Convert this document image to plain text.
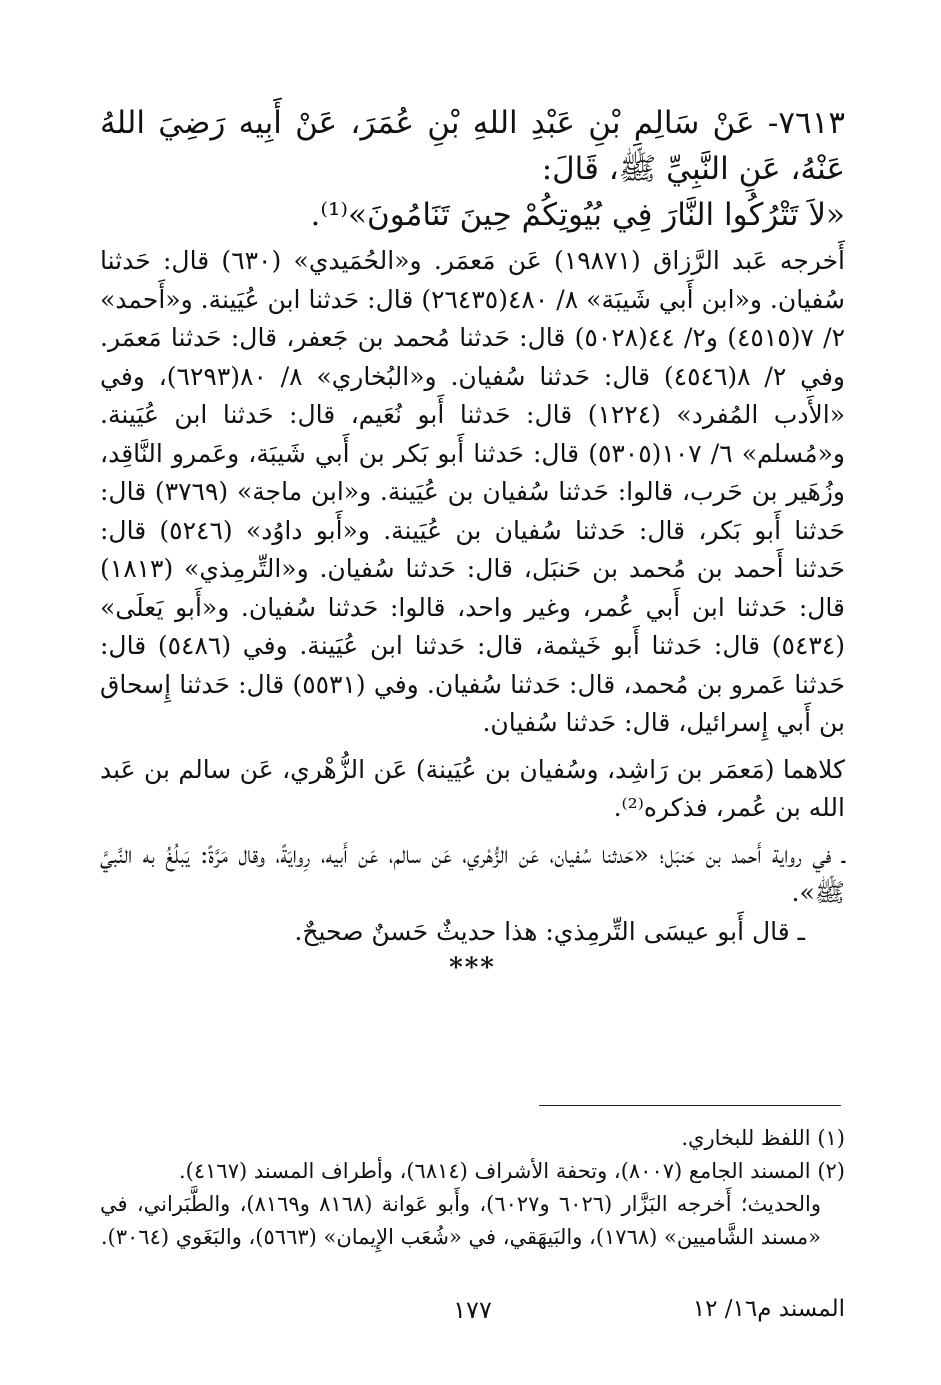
٧٦١٣- عَنْ سَالِمِ بْنِ عَبْدِ اللهِ بْنِ عُمَرَ، عَنْ أَبِيه رَضِيَ اللهُ عَنْهُ، عَنِ النَّبِيِّ ﷺ، قَالَ:

«لاَ تَتْرُكُوا النَّارَ فِي بُيُوتِكُمْ حِينَ تَنَامُونَ»⁽¹⁾.

أَخرجه عَبد الرَّزاق (١٩٨٧١) عَن مَعمَر. و«الحُمَيدي» (٦٣٠) قال: حَدثنا سُفيان. و«ابن أَبي شَيبَة» ٨/ ٤٨٠(٢٦٤٣٥) قال: حَدثنا ابن عُيَينة. و«أَحمد» ٢/ ٧(٤٥١٥) و٢/ ٤٤(٥٠٢٨) قال: حَدثنا مُحمد بن جَعفر، قال: حَدثنا مَعمَر. وفي ٢/ ٨(٤٥٤٦) قال: حَدثنا سُفيان. و«البُخاري» ٨/ ٨٠(٦٢٩٣)، وفي «الأَدب المُفرد» (١٢٢٤) قال: حَدثنا أَبو نُعَيم، قال: حَدثنا ابن عُيَينة. و«مُسلم» ٦/ ١٠٧(٥٣٠٥) قال: حَدثنا أَبو بَكر بن أَبي شَيبَة، وعَمرو النَّاقِد، وزُهَير بن حَرب، قالوا: حَدثنا سُفيان بن عُيَينة. و«ابن ماجة» (٣٧٦٩) قال: حَدثنا أَبو بَكر، قال: حَدثنا سُفيان بن عُيَينة. و«أَبو داوُد» (٥٢٤٦) قال: حَدثنا أَحمد بن مُحمد بن حَنبَل، قال: حَدثنا سُفيان. و«التِّرمِذي» (١٨١٣) قال: حَدثنا ابن أَبي عُمر، وغير واحد، قالوا: حَدثنا سُفيان. و«أَبو يَعلَى» (٥٤٣٤) قال: حَدثنا أَبو خَيثمة، قال: حَدثنا ابن عُيَينة. وفي (٥٤٨٦) قال: حَدثنا عَمرو بن مُحمد، قال: حَدثنا سُفيان. وفي (٥٥٣١) قال: حَدثنا إِسحاق بن أَبي إِسرائيل، قال: حَدثنا سُفيان.

كلاهما (مَعمَر بن رَاشِد، وسُفيان بن عُيَينة) عَن الزُّهْري، عَن سالم بن عَبد الله بن عُمر، فذكره⁽²⁾.

ـ في رواية أَحمد بن حَنبَل؛ «حَدثنا سُفيان، عَن الزُّهْري، عَن سالم، عَن أَبيه، رِوايَةً، وقال مَرَّةً: يَبلُغُ به النَّبيَّ ﷺ».

ـ قال أَبو عيسَى التِّرمِذي: هذا حديثٌ حَسنٌ صحيحٌ.

***

(١) اللفظ للبخاري.

(٢) المسند الجامع (٨٠٠٧)، وتحفة الأشراف (٦٨١٤)، وأطراف المسند (٤١٦٧).

والحديث؛ أَخرجه البَزَّار (٦٠٢٦ و٦٠٢٧)، وأَبو عَوانة (٨١٦٨ و٨١٦٩)، والطَّبَراني، في «مسند الشَّاميين» (١٧٦٨)، والبَيهَقي، في «شُعَب الإِيمان» (٥٦٦٣)، والبَغَوي (٣٠٦٤).

المسند م١٦/ ١٢
١٧٧
